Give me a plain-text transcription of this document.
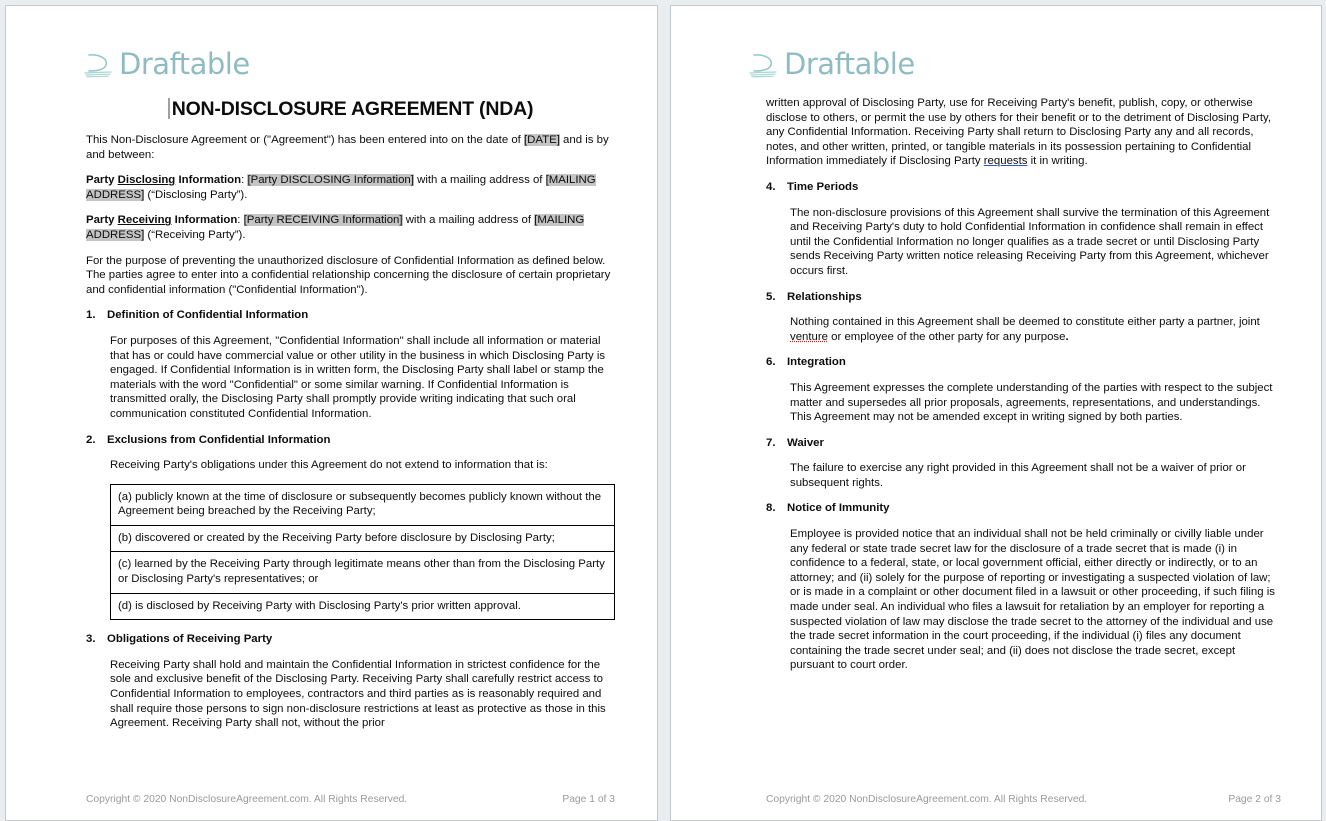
Draftable
NON-DISCLOSURE AGREEMENT (NDA)

This Non-Disclosure Agreement or ("Agreement") has been entered into on the date of [DATE] and is by and between:

Party Disclosing Information: [Party DISCLOSING Information] with a mailing address of [MAILING ADDRESS] (“Disclosing Party”).

Party Receiving Information: [Party RECEIVING Information] with a mailing address of [MAILING ADDRESS] (“Receiving Party”).

For the purpose of preventing the unauthorized disclosure of Confidential Information as defined below. The parties agree to enter into a confidential relationship concerning the disclosure of certain proprietary and confidential information ("Confidential Information").

1.	Definition of Confidential Information

For purposes of this Agreement, "Confidential Information" shall include all information or material that has or could have commercial value or other utility in the business in which Disclosing Party is engaged. If Confidential Information is in written form, the Disclosing Party shall label or stamp the materials with the word "Confidential" or some similar warning. If Confidential Information is transmitted orally, the Disclosing Party shall promptly provide writing indicating that such oral communication constituted Confidential Information.

2.	Exclusions from Confidential Information

Receiving Party's obligations under this Agreement do not extend to information that is:

(a) publicly known at the time of disclosure or subsequently becomes publicly known without the Agreement being breached by the Receiving Party;
(b) discovered or created by the Receiving Party before disclosure by Disclosing Party;
(c) learned by the Receiving Party through legitimate means other than from the Disclosing Party or Disclosing Party's representatives; or
(d) is disclosed by Receiving Party with Disclosing Party's prior written approval.
3.	Obligations of Receiving Party

Receiving Party shall hold and maintain the Confidential Information in strictest confidence for the sole and exclusive benefit of the Disclosing Party. Receiving Party shall carefully restrict access to Confidential Information to employees, contractors and third parties as is reasonably required and shall require those persons to sign non-disclosure restrictions at least as protective as those in this Agreement. Receiving Party shall not, without the prior

Copyright © 2020 NonDisclosureAgreement.com. All Rights Reserved.	Page 1 of 3
Draftable

written approval of Disclosing Party, use for Receiving Party's benefit, publish, copy, or otherwise disclose to others, or permit the use by others for their benefit or to the detriment of Disclosing Party, any Confidential Information. Receiving Party shall return to Disclosing Party any and all records, notes, and other written, printed, or tangible materials in its possession pertaining to Confidential Information immediately if Disclosing Party requests it in writing.

4.	Time Periods

The non-disclosure provisions of this Agreement shall survive the termination of this Agreement and Receiving Party's duty to hold Confidential Information in confidence shall remain in effect until the Confidential Information no longer qualifies as a trade secret or until Disclosing Party sends Receiving Party written notice releasing Receiving Party from this Agreement, whichever occurs first.

5.	Relationships

Nothing contained in this Agreement shall be deemed to constitute either party a partner, joint venture or employee of the other party for any purpose.

6.	Integration

This Agreement expresses the complete understanding of the parties with respect to the subject matter and supersedes all prior proposals, agreements, representations, and understandings. This Agreement may not be amended except in writing signed by both parties.

7.	Waiver

The failure to exercise any right provided in this Agreement shall not be a waiver of prior or subsequent rights.

8.	Notice of Immunity

Employee is provided notice that an individual shall not be held criminally or civilly liable under any federal or state trade secret law for the disclosure of a trade secret that is made (i) in confidence to a federal, state, or local government official, either directly or indirectly, or to an attorney; and (ii) solely for the purpose of reporting or investigating a suspected violation of law; or is made in a complaint or other document filed in a lawsuit or other proceeding, if such filing is made under seal. An individual who files a lawsuit for retaliation by an employer for reporting a suspected violation of law may disclose the trade secret to the attorney of the individual and use the trade secret information in the court proceeding, if the individual (i) files any document containing the trade secret under seal; and (ii) does not disclose the trade secret, except pursuant to court order.

Copyright © 2020 NonDisclosureAgreement.com. All Rights Reserved.	Page 2 of 3
